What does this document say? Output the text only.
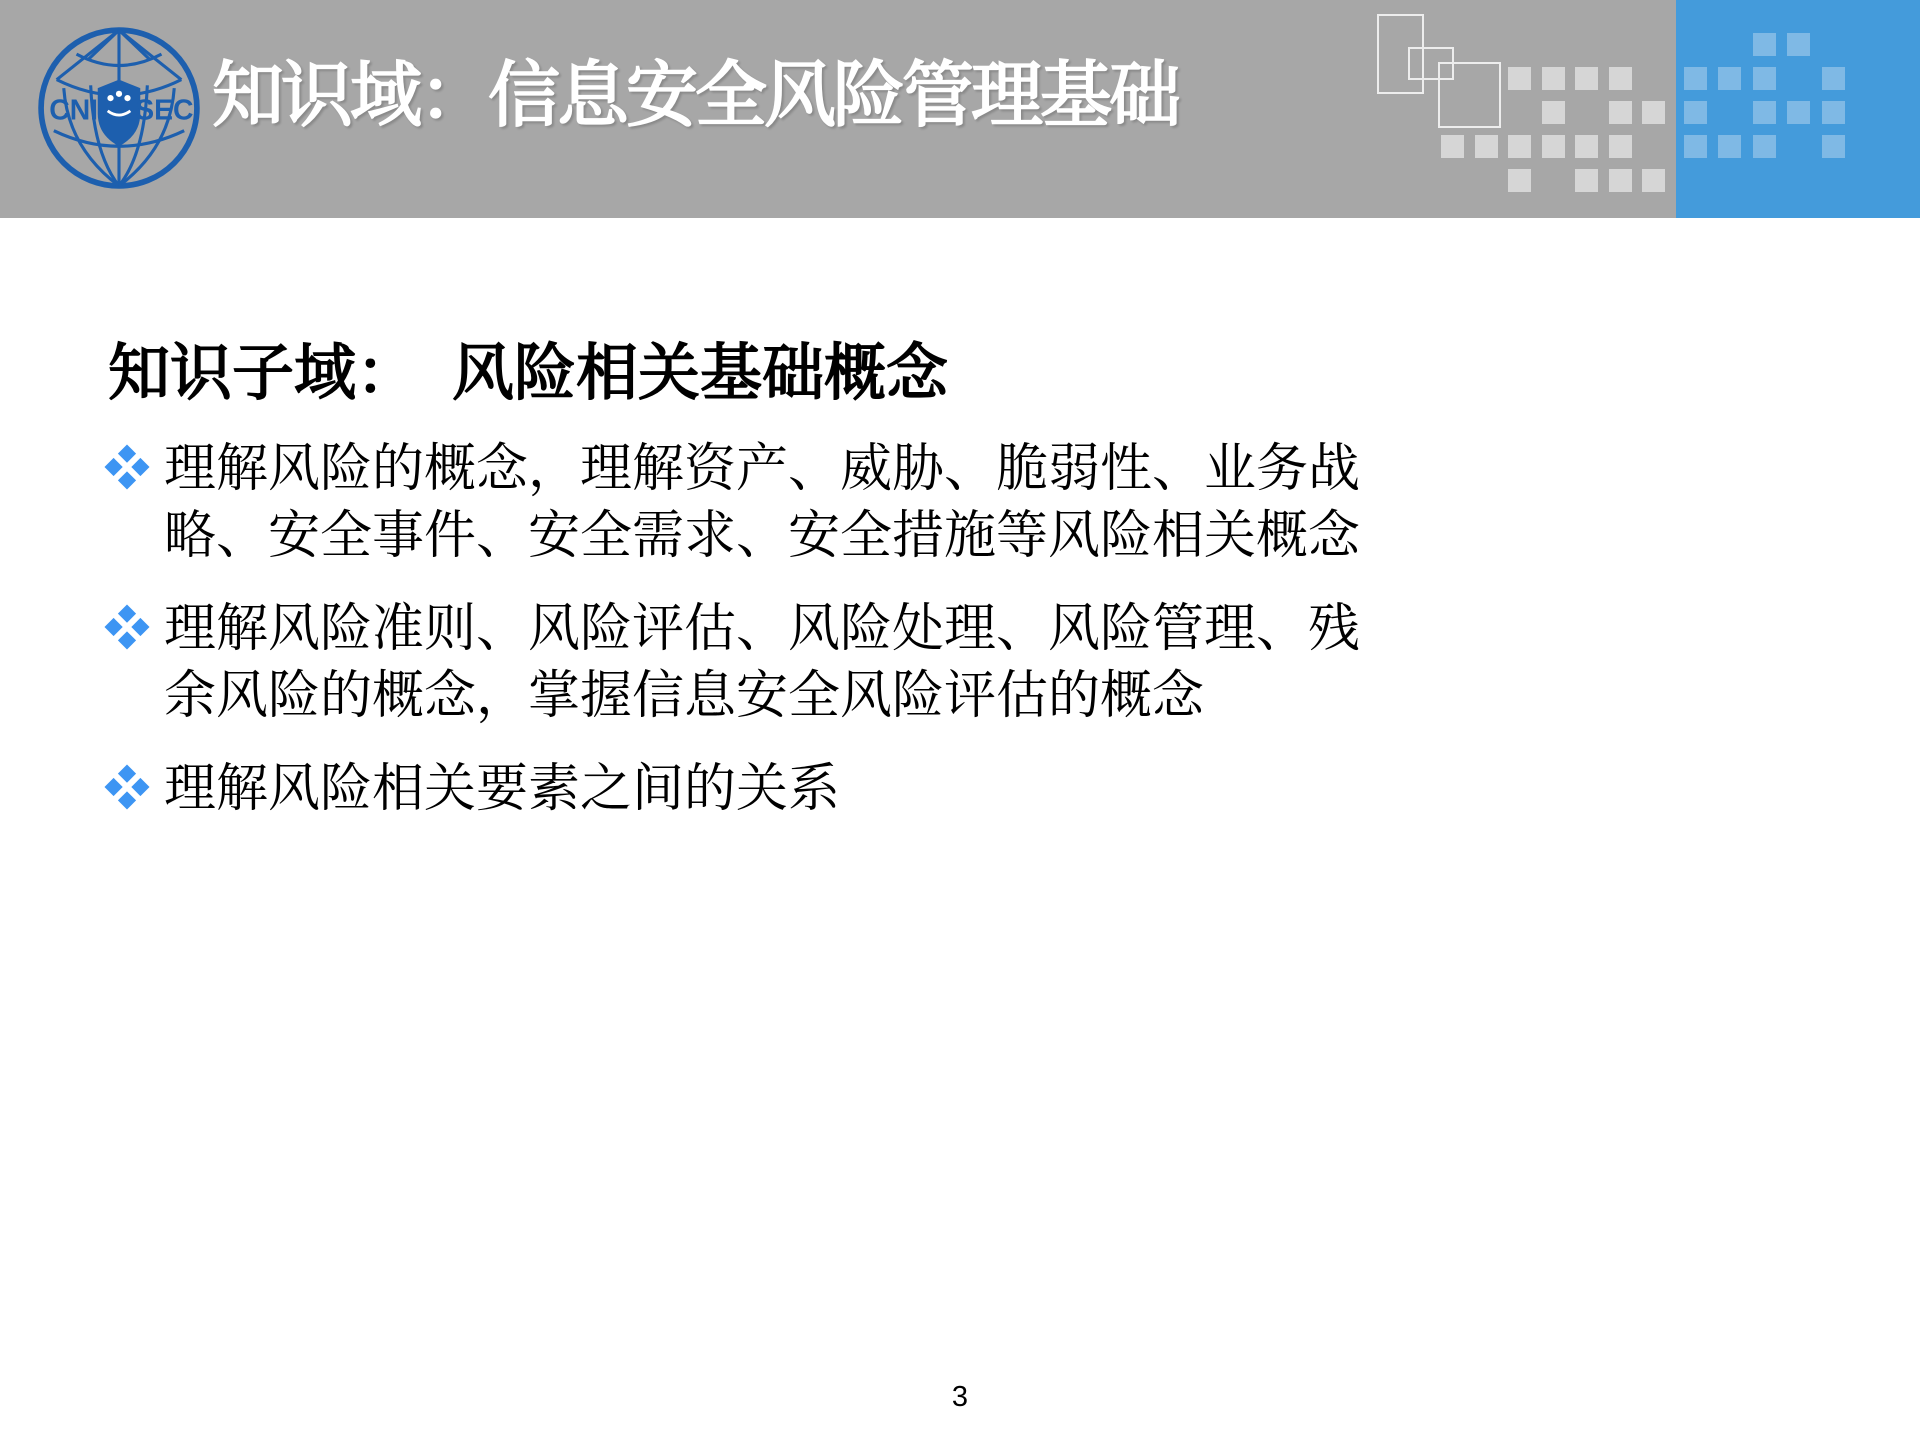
CNI SEC 知识域：信息安全风险管理基础
知识子域： 风险相关基础概念
理解风险的概念，理解资产、威胁、脆弱性、业务战略、安全事件、安全需求、安全措施等风险相关概念
理解风险准则、风险评估、风险处理、风险管理、残余风险的概念，掌握信息安全风险评估的概念
理解风险相关要素之间的关系
3
